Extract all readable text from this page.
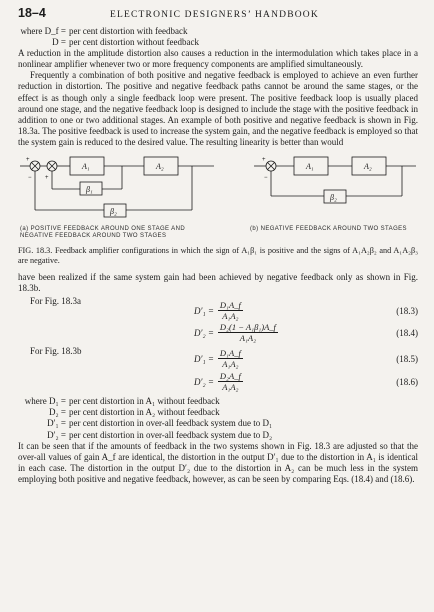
18–4	ELECTRONIC DESIGNERS’ HANDBOOK
where D_f = per cent distortion with feedback
D = per cent distortion without feedback

A reduction in the amplitude distortion also causes a reduction in the intermodulation which takes place in a nonlinear amplifier whenever two or more frequency components are amplified simultaneously.

Frequently a combination of both positive and negative feedback is employed to achieve an even further reduction in distortion. The positive and negative feedback paths cannot be around the same stages, or the effect is as though only a single feedback loop were present. The positive feedback loop is usually placed around one stage, and the negative feedback loop is designed to include the stage with the positive feedback in addition to one or two additional stages. An example of both positive and negative feedback is shown in Fig. 18.3a. The positive feedback is used to increase the system gain, and the negative feedback is employed so that the system gain is reduced to the desired value. The resulting linearity is better than would

A₁	A₂
β₁
β₂
A₁	A₂
β₂
+
− +
+
−
(a) POSITIVE FEEDBACK AROUND ONE STAGE AND NEGATIVE FEEDBACK AROUND TWO STAGES
(b) NEGATIVE FEEDBACK AROUND TWO STAGES

FIG. 18.3. Feedback amplifier configurations in which the sign of A₁β₁ is positive and the signs of A₁A₂β₂ and A₁A₂β₃ are negative.

have been realized if the same system gain had been achieved by negative feedback only as shown in Fig. 18.3b.

For Fig. 18.3a
$D'_1 = \frac{\text{D₁A\_f}}{\text{A₁A₂}}$	(18.3)
$D'_2 = \frac{\text{D₂(1 − A₁β₁)A\_f}}{\text{A₁A₂}}$	(18.4)
For Fig. 18.3b
$D'_1 = \frac{\text{D₁A\_f}}{\text{A₁A₂}}$	(18.5)
$D'_2 = \frac{\text{D₂A\_f}}{\text{A₁A₂}}$	(18.6)
where D₁ = per cent distortion in A₁ without feedback
D₂ = per cent distortion in A₂ without feedback
D′₁ = per cent distortion in over-all feedback system due to D₁
D′₂ = per cent distortion in over-all feedback system due to D₂

It can be seen that if the amounts of feedback in the two systems shown in Fig. 18.3 are adjusted so that the over-all values of gain A_f are identical, the distortion in the output D′₁ due to the distortion in A₁ is identical in each case. The distortion in the output D′₂ due to the distortion in A₂ can be much less in the system employing both positive and negative feedback, however, as can be seen by comparing Eqs. (18.4) and (18.6).
